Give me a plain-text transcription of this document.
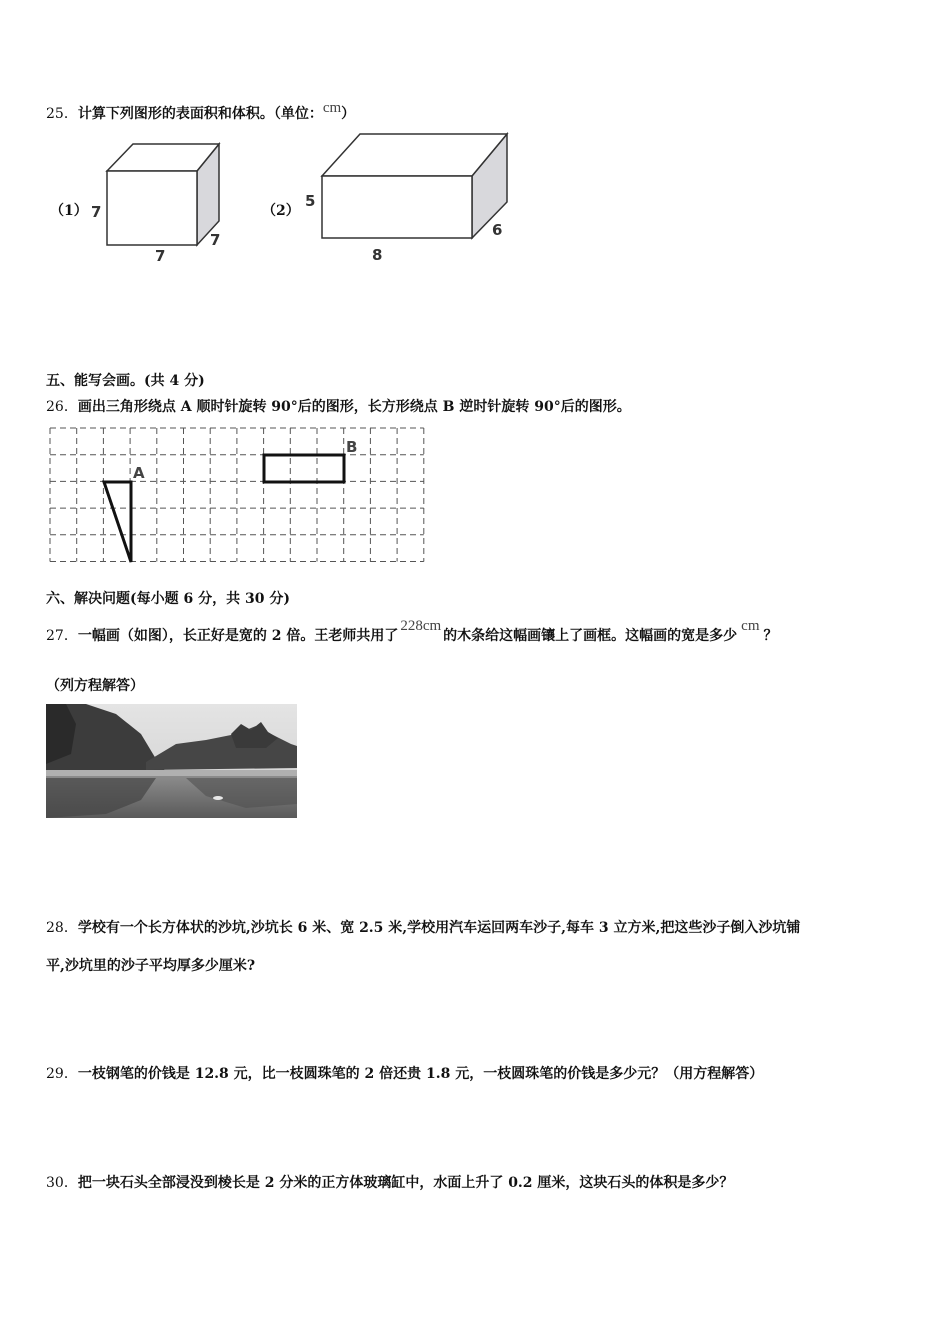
25．计算下列图形的表面积和体积。（单位：cm）
（1） 7
7
7
（2）
5
8
6
五、能写会画。(共 4 分)
26．画出三角形绕点 A 顺时针旋转 90°后的图形，长方形绕点 B 逆时针旋转 90°后的图形。
A
B
六、解决问题(每小题 6 分，共 30 分)
27．一幅画（如图），长正好是宽的 2 倍。王老师共用了228cm的木条给这幅画镶上了画框。这幅画的宽是多少cm？
（列方程解答）
28．学校有一个长方体状的沙坑,沙坑长 6 米、宽 2.5 米,学校用汽车运回两车沙子,每车 3 立方米,把这些沙子倒入沙坑铺
平,沙坑里的沙子平均厚多少厘米?
29．一枝钢笔的价钱是 12.8 元，比一枝圆珠笔的 2 倍还贵 1.8 元，一枝圆珠笔的价钱是多少元？（用方程解答）
30．把一块石头全部浸没到棱长是 2 分米的正方体玻璃缸中，水面上升了 0.2 厘米，这块石头的体积是多少？
